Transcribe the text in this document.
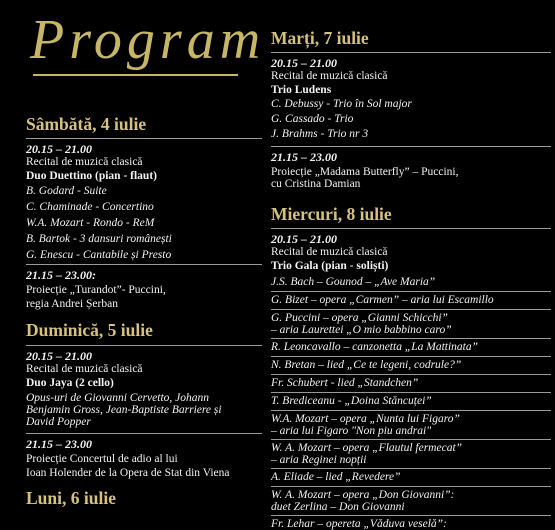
Program
Sâmbătă, 4 iulie
20.15 – 21.00
Recital de muzică clasică
Duo Duettino (pian - flaut)
B. Godard - Suite
C. Chaminade - Concertino
W.A. Mozart - Rondo - ReM
B. Bartok - 3 dansuri românești
G. Enescu - Cantabile și Presto
21.15 – 23.00:
Proiecție „Turandot”- Puccini,
regia Andrei Șerban
Duminică, 5 iulie
20.15 – 21.00
Recital de muzică clasică
Duo Jaya (2 cello)
Opus-uri de Giovanni Cervetto, Johann
Benjamin Gross, Jean-Baptiste Barriere și
David Popper
21.15 – 23.00
Proiecție Concertul de adio al lui
Ioan Holender de la Opera de Stat din Viena
Luni, 6 iulie
Marți, 7 iulie
20.15 – 21.00
Recital de muzică clasică
Trio Ludens
C. Debussy - Trio în Sol major
G. Cassado - Trio
J. Brahms - Trio nr 3
21.15 – 23.00
Proiecție „Madama Butterfly” – Puccini,
cu Cristina Damian
Miercuri, 8 iulie
20.15 – 21.00
Recital de muzică clasică
Trio Gala (pian - soliști)
J.S. Bach – Gounod – „Ave Maria”
G. Bizet – opera „Carmen” – aria lui Escamillo
G. Puccini – opera „Gianni Schicchi”
– aria Laurettei „O mio babbino caro”
R. Leoncavallo – canzonetta „La Mattinata”
N. Bretan – lied „Ce te legeni, codrule?”
Fr. Schubert - lied „Standchen”
T. Brediceanu - „Doina Stăncuței”
W.A. Mozart – opera „Nunta lui Figaro”
– aria lui Figaro "Non piu andrai"
W. A. Mozart – opera „Flautul fermecat”
– aria Reginei nopții
A. Eliade – lied „Revedere”
W. A. Mozart – opera „Don Giovanni”:
duet Zerlina – Don Giovanni
Fr. Lehar – opereta „Văduva veselă”:
